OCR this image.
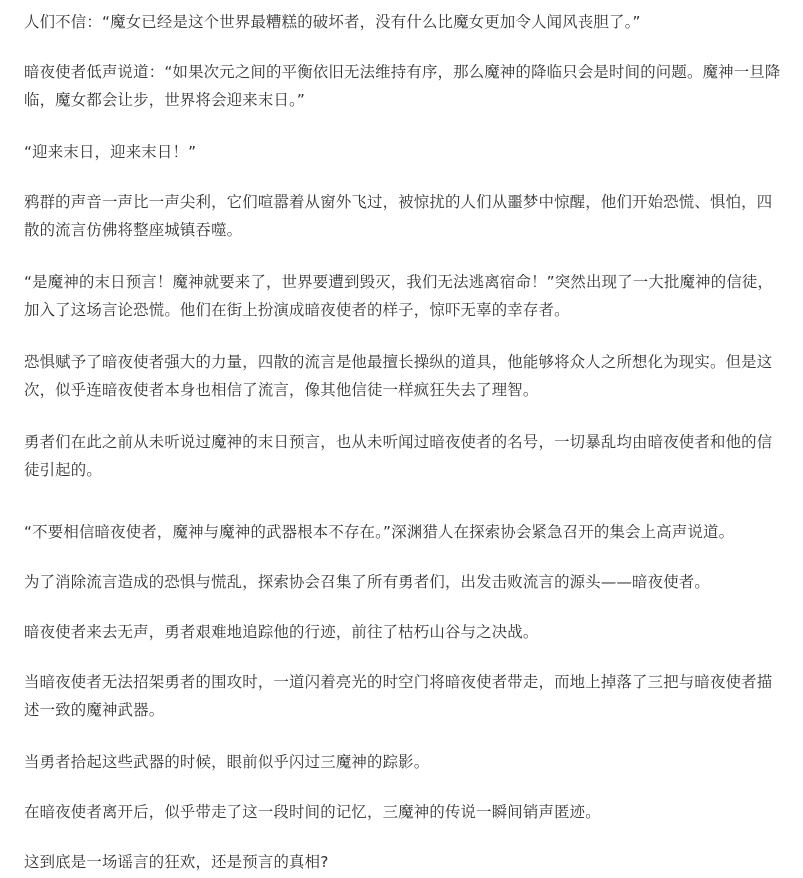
人们不信：“魔女已经是这个世界最糟糕的破坏者，没有什么比魔女更加令人闻风丧胆了。”

暗夜使者低声说道：“如果次元之间的平衡依旧无法维持有序，那么魔神的降临只会是时间的问题。魔神一旦降临，魔女都会让步，世界将会迎来末日。”

“迎来末日，迎来末日！”

鸦群的声音一声比一声尖利，它们喧嚣着从窗外飞过，被惊扰的人们从噩梦中惊醒，他们开始恐慌、惧怕，四散的流言仿佛将整座城镇吞噬。

“是魔神的末日预言！魔神就要来了，世界要遭到毁灭，我们无法逃离宿命！”突然出现了一大批魔神的信徒，加入了这场言论恐慌。他们在街上扮演成暗夜使者的样子，惊吓无辜的幸存者。

恐惧赋予了暗夜使者强大的力量，四散的流言是他最擅长操纵的道具，他能够将众人之所想化为现实。但是这次，似乎连暗夜使者本身也相信了流言，像其他信徒一样疯狂失去了理智。

勇者们在此之前从未听说过魔神的末日预言，也从未听闻过暗夜使者的名号，一切暴乱均由暗夜使者和他的信徒引起的。

“不要相信暗夜使者，魔神与魔神的武器根本不存在。”深渊猎人在探索协会紧急召开的集会上高声说道。

为了消除流言造成的恐惧与慌乱，探索协会召集了所有勇者们，出发击败流言的源头——暗夜使者。

暗夜使者来去无声，勇者艰难地追踪他的行迹，前往了枯朽山谷与之决战。

当暗夜使者无法招架勇者的围攻时，一道闪着亮光的时空门将暗夜使者带走，而地上掉落了三把与暗夜使者描述一致的魔神武器。

当勇者拾起这些武器的时候，眼前似乎闪过三魔神的踪影。

在暗夜使者离开后，似乎带走了这一段时间的记忆，三魔神的传说一瞬间销声匿迹。

这到底是一场谣言的狂欢，还是预言的真相?
